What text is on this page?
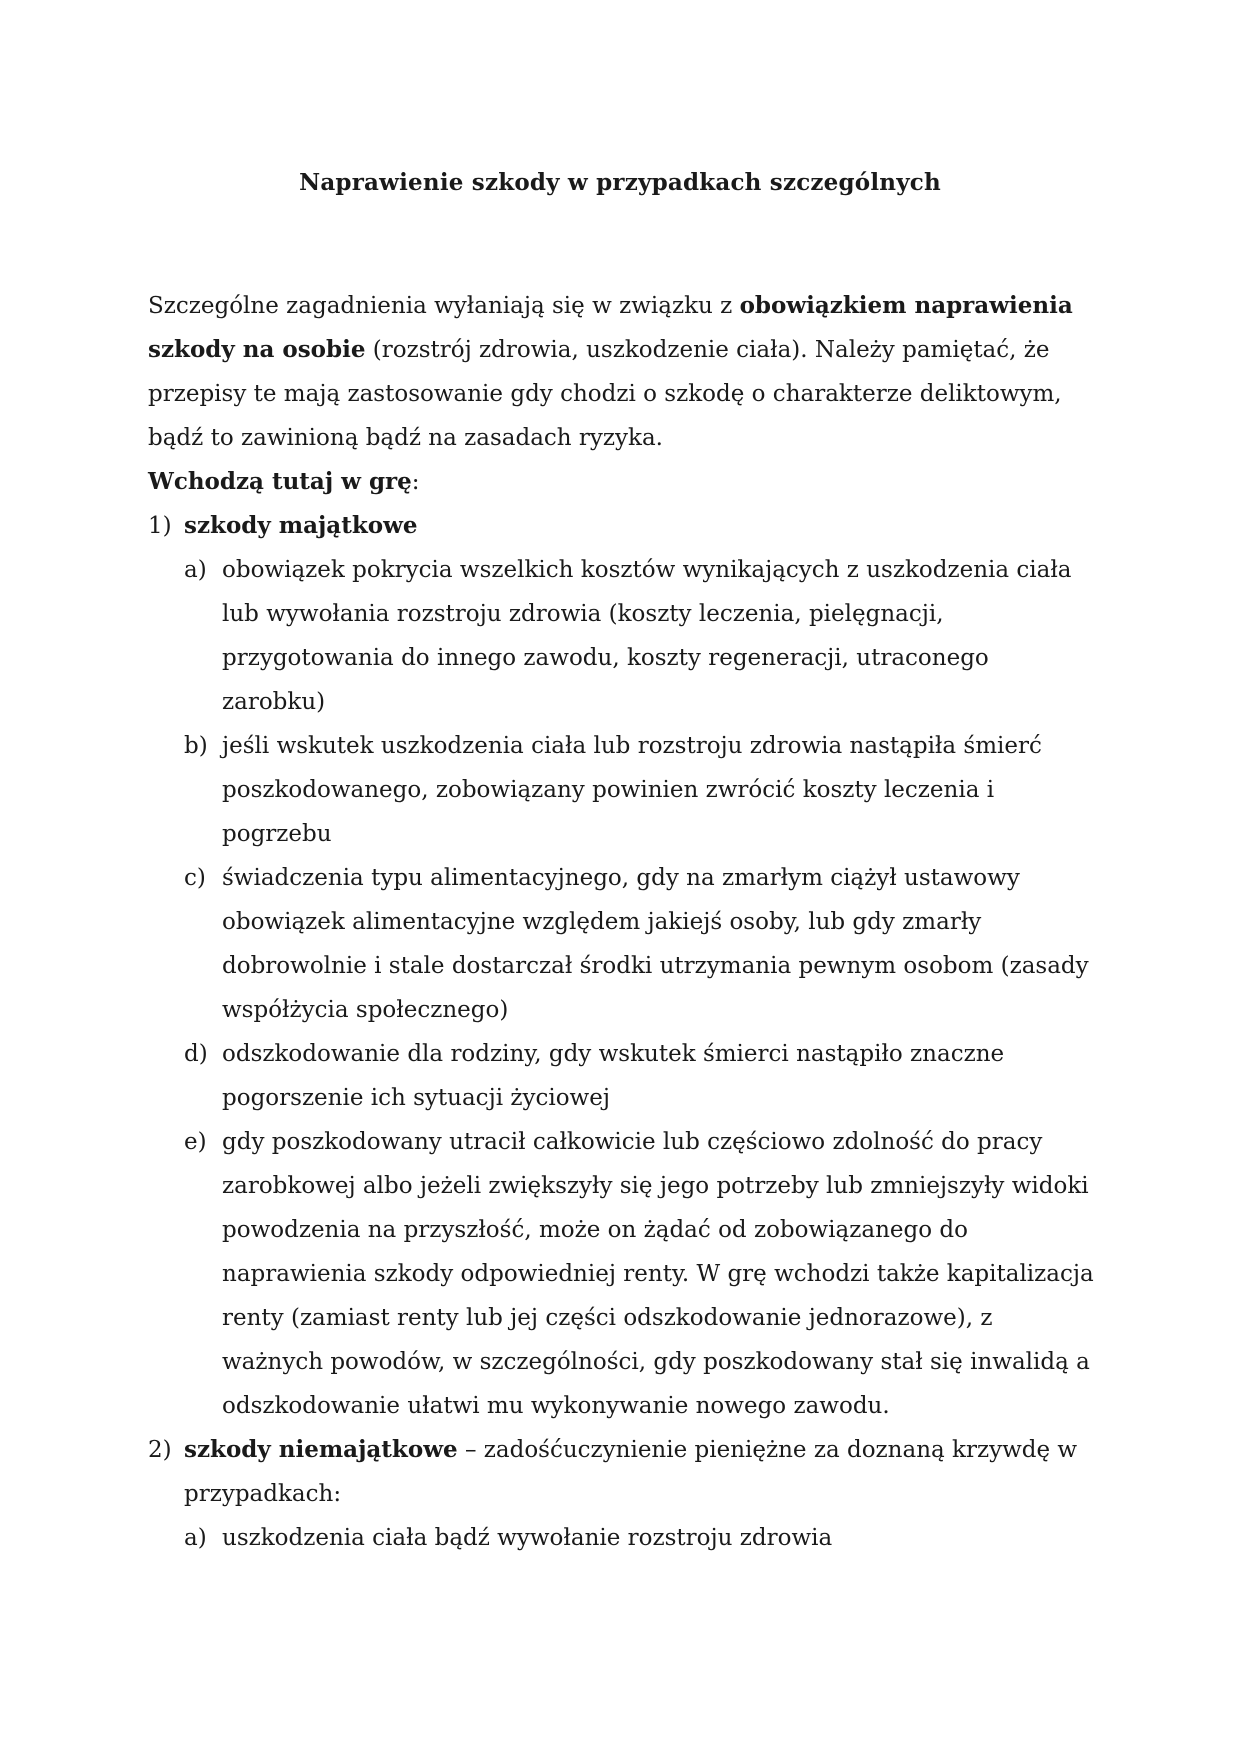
Naprawienie szkody w przypadkach szczególnych

Szczególne zagadnienia wyłaniają się w związku z obowiązkiem naprawienia szkody na osobie (rozstrój zdrowia, uszkodzenie ciała). Należy pamiętać, że przepisy te mają zastosowanie gdy chodzi o szkodę o charakterze deliktowym, bądź to zawinioną bądź na zasadach ryzyka.

Wchodzą tutaj w grę:

1) szkody majątkowe

a) obowiązek pokrycia wszelkich kosztów wynikających z uszkodzenia ciała lub wywołania rozstroju zdrowia (koszty leczenia, pielęgnacji, przygotowania do innego zawodu, koszty regeneracji, utraconego zarobku)
b) jeśli wskutek uszkodzenia ciała lub rozstroju zdrowia nastąpiła śmierć poszkodowanego, zobowiązany powinien zwrócić koszty leczenia i pogrzebu
c) świadczenia typu alimentacyjnego, gdy na zmarłym ciążył ustawowy obowiązek alimentacyjne względem jakiejś osoby, lub gdy zmarły dobrowolnie i stale dostarczał środki utrzymania pewnym osobom (zasady współżycia społecznego)
d) odszkodowanie dla rodziny, gdy wskutek śmierci nastąpiło znaczne pogorszenie ich sytuacji życiowej
e) gdy poszkodowany utracił całkowicie lub częściowo zdolność do pracy zarobkowej albo jeżeli zwiększyły się jego potrzeby lub zmniejszyły widoki powodzenia na przyszłość, może on żądać od zobowiązanego do naprawienia szkody odpowiedniej renty. W grę wchodzi także kapitalizacja renty (zamiast renty lub jej części odszkodowanie jednorazowe), z ważnych powodów, w szczególności, gdy poszkodowany stał się inwalidą a odszkodowanie ułatwi mu wykonywanie nowego zawodu.
2) szkody niemajątkowe – zadośćuczynienie pieniężne za doznaną krzywdę w przypadkach:

a) uszkodzenia ciała bądź wywołanie rozstroju zdrowia
